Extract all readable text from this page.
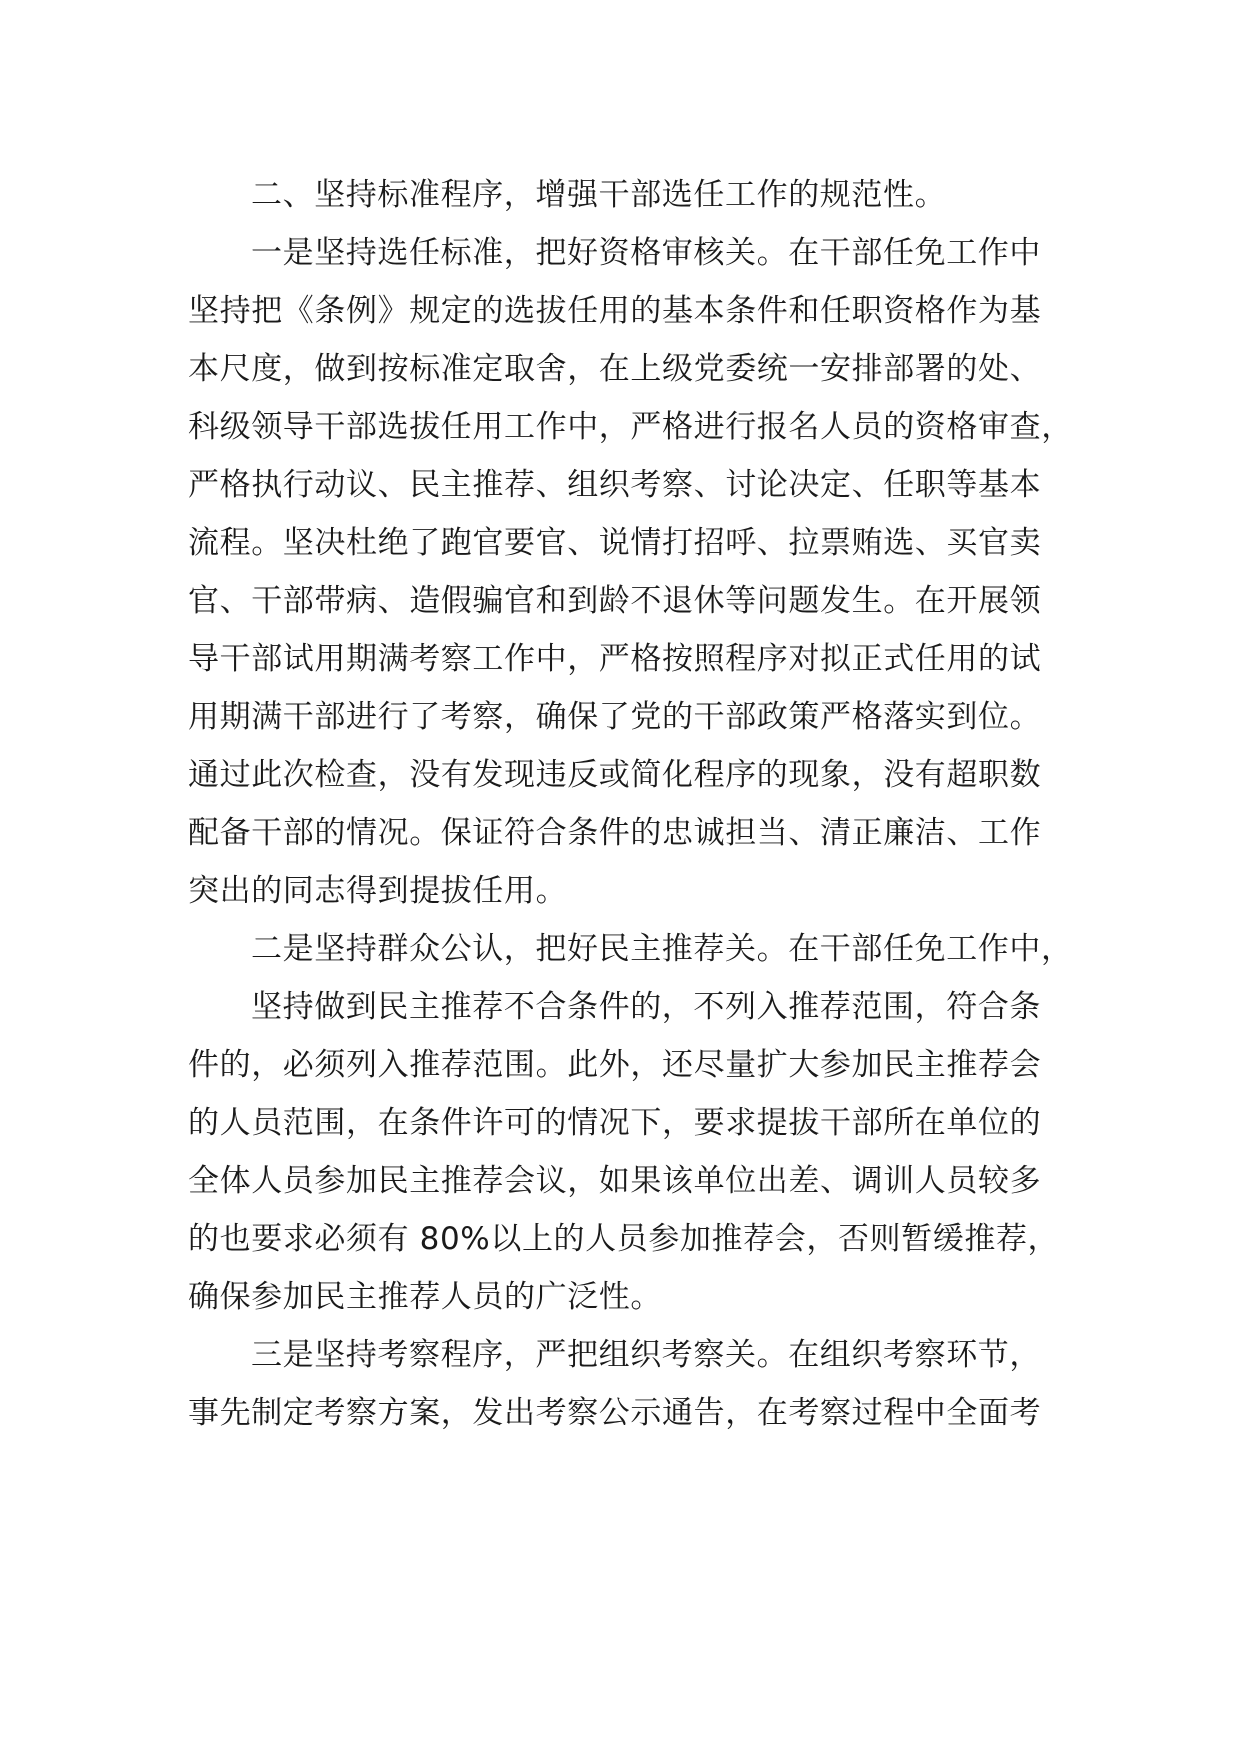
二、坚持标准程序，增强干部选任工作的规范性。
一是坚持选任标准，把好资格审核关。在干部任免工作中
坚持把《条例》规定的选拔任用的基本条件和任职资格作为基
本尺度，做到按标准定取舍，在上级党委统一安排部署的处、
科级领导干部选拔任用工作中，严格进行报名人员的资格审查，
严格执行动议、民主推荐、组织考察、讨论决定、任职等基本
流程。坚决杜绝了跑官要官、说情打招呼、拉票贿选、买官卖
官、干部带病、造假骗官和到龄不退休等问题发生。在开展领
导干部试用期满考察工作中，严格按照程序对拟正式任用的试
用期满干部进行了考察，确保了党的干部政策严格落实到位。
通过此次检查，没有发现违反或简化程序的现象，没有超职数
配备干部的情况。保证符合条件的忠诚担当、清正廉洁、工作
突出的同志得到提拔任用。
二是坚持群众公认，把好民主推荐关。在干部任免工作中，
坚持做到民主推荐不合条件的，不列入推荐范围，符合条
件的，必须列入推荐范围。此外，还尽量扩大参加民主推荐会
的人员范围，在条件许可的情况下，要求提拔干部所在单位的
全体人员参加民主推荐会议，如果该单位出差、调训人员较多
的也要求必须有 80%以上的人员参加推荐会，否则暂缓推荐，
确保参加民主推荐人员的广泛性。
三是坚持考察程序，严把组织考察关。在组织考察环节，
事先制定考察方案，发出考察公示通告，在考察过程中全面考
